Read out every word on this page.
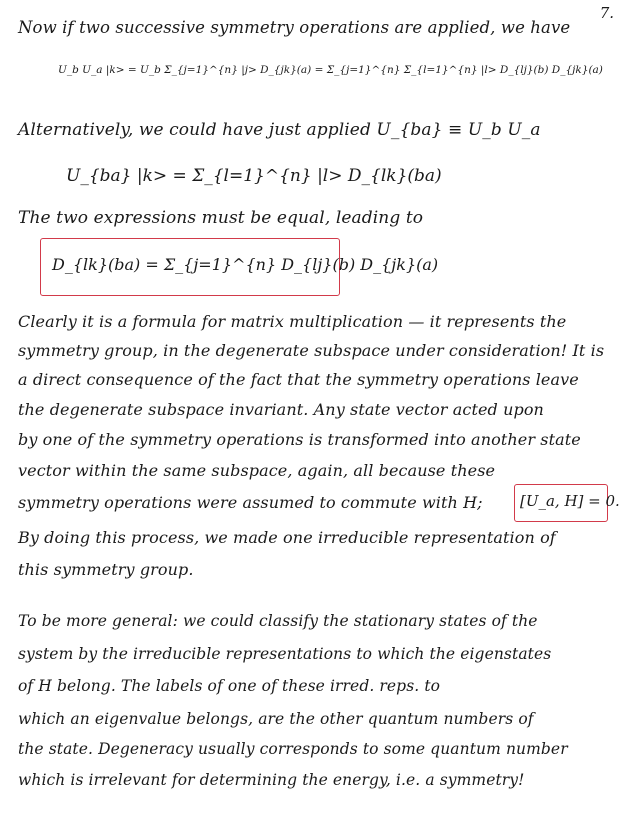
7.
Now if two successive symmetry operations are applied, we have
U_b U_a |k> = U_b Σ_{j=1}^{n} |j> D_{jk}(a) = Σ_{j=1}^{n} Σ_{l=1}^{n} |l> D_{lj}(b) D_{jk}(a)
Alternatively, we could have just applied U_{ba} ≡ U_b U_a
U_{ba} |k> = Σ_{l=1}^{n} |l> D_{lk}(ba)
The two expressions must be equal, leading to
D_{lk}(ba) = Σ_{j=1}^{n} D_{lj}(b) D_{jk}(a)
Clearly it is a formula for matrix multiplication — it represents the
symmetry group, in the degenerate subspace under consideration! It is
a direct consequence of the fact that the symmetry operations leave
the degenerate subspace invariant. Any state vector acted upon
by one of the symmetry operations is transformed into another state
vector within the same subspace, again, all because these
symmetry operations were assumed to commute with H; [U_a, H] = 0.
By doing this process, we made one irreducible representation of
this symmetry group.
To be more general: we could classify the stationary states of the
system by the irreducible representations to which the eigenstates
of H belong. The labels of one of these irred. reps. to
which an eigenvalue belongs, are the other quantum numbers of
the state. Degeneracy usually corresponds to some quantum number
which is irrelevant for determining the energy, i.e. a symmetry!
